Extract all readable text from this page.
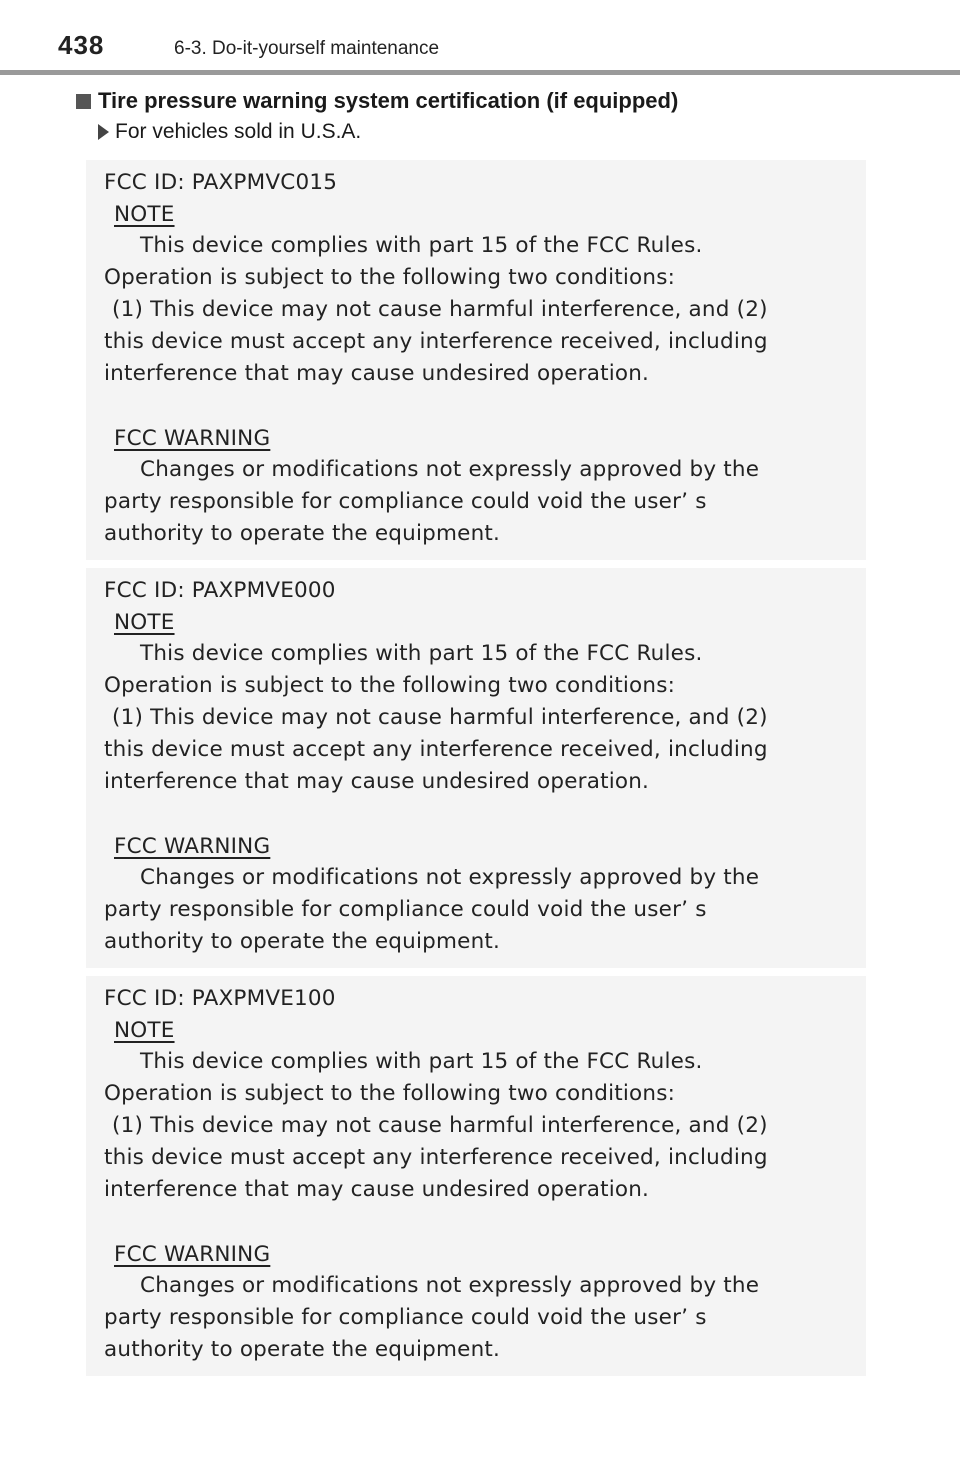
438	6-3. Do-it-yourself maintenance
Tire pressure warning system certification (if equipped)
For vehicles sold in U.S.A.
FCC ID: PAXPMVC015
NOTE
This device complies with part 15 of the FCC Rules.
Operation is subject to the following two conditions:
(1) This device may not cause harmful interference, and (2)
this device must accept any interference received, including
interference that may cause undesired operation.
FCC WARNING
Changes or modifications not expressly approved by the
party responsible for compliance could void the user’ s
authority to operate the equipment.
FCC ID: PAXPMVE000
NOTE
This device complies with part 15 of the FCC Rules.
Operation is subject to the following two conditions:
(1) This device may not cause harmful interference, and (2)
this device must accept any interference received, including
interference that may cause undesired operation.
FCC WARNING
Changes or modifications not expressly approved by the
party responsible for compliance could void the user’ s
authority to operate the equipment.
FCC ID: PAXPMVE100
NOTE
This device complies with part 15 of the FCC Rules.
Operation is subject to the following two conditions:
(1) This device may not cause harmful interference, and (2)
this device must accept any interference received, including
interference that may cause undesired operation.
FCC WARNING
Changes or modifications not expressly approved by the
party responsible for compliance could void the user’ s
authority to operate the equipment.
